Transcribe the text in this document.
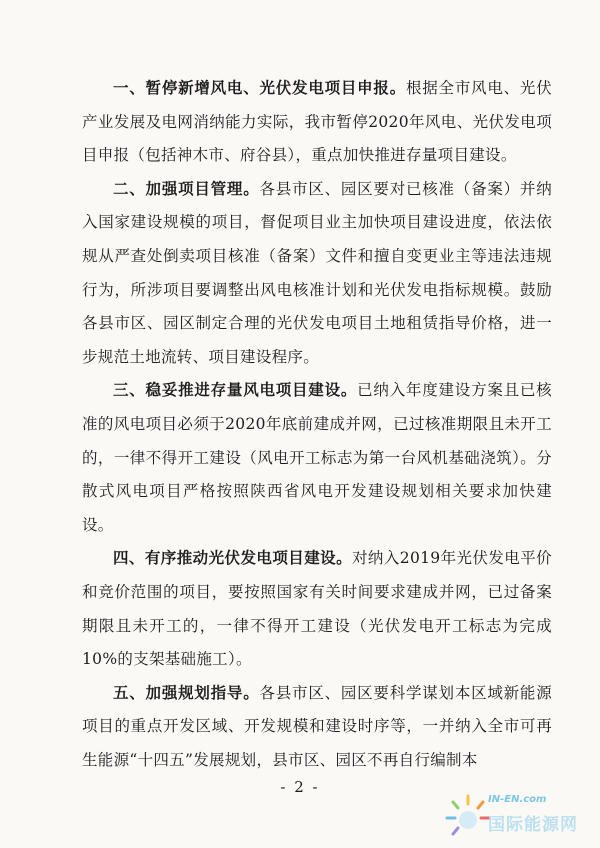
一、暂停新增风电、光伏发电项目申报。根据全市风电、光伏产业发展及电网消纳能力实际，我市暂停2020年风电、光伏发电项目申报（包括神木市、府谷县），重点加快推进存量项目建设。

二、加强项目管理。各县市区、园区要对已核准（备案）并纳入国家建设规模的项目，督促项目业主加快项目建设进度，依法依规从严查处倒卖项目核准（备案）文件和擅自变更业主等违法违规行为，所涉项目要调整出风电核准计划和光伏发电指标规模。鼓励各县市区、园区制定合理的光伏发电项目土地租赁指导价格，进一步规范土地流转、项目建设程序。

三、稳妥推进存量风电项目建设。已纳入年度建设方案且已核准的风电项目必须于2020年底前建成并网，已过核准期限且未开工的，一律不得开工建设（风电开工标志为第一台风机基础浇筑）。分散式风电项目严格按照陕西省风电开发建设规划相关要求加快建设。

四、有序推动光伏发电项目建设。对纳入2019年光伏发电平价和竞价范围的项目，要按照国家有关时间要求建成并网，已过备案期限且未开工的，一律不得开工建设（光伏发电开工标志为完成10%的支架基础施工）。

五、加强规划指导。各县市区、园区要科学谋划本区域新能源项目的重点开发区域、开发规模和建设时序等，一并纳入全市可再生能源“十四五”发展规划，县市区、园区不再自行编制本

- 2 -
IN-EN.com
国际能源网
